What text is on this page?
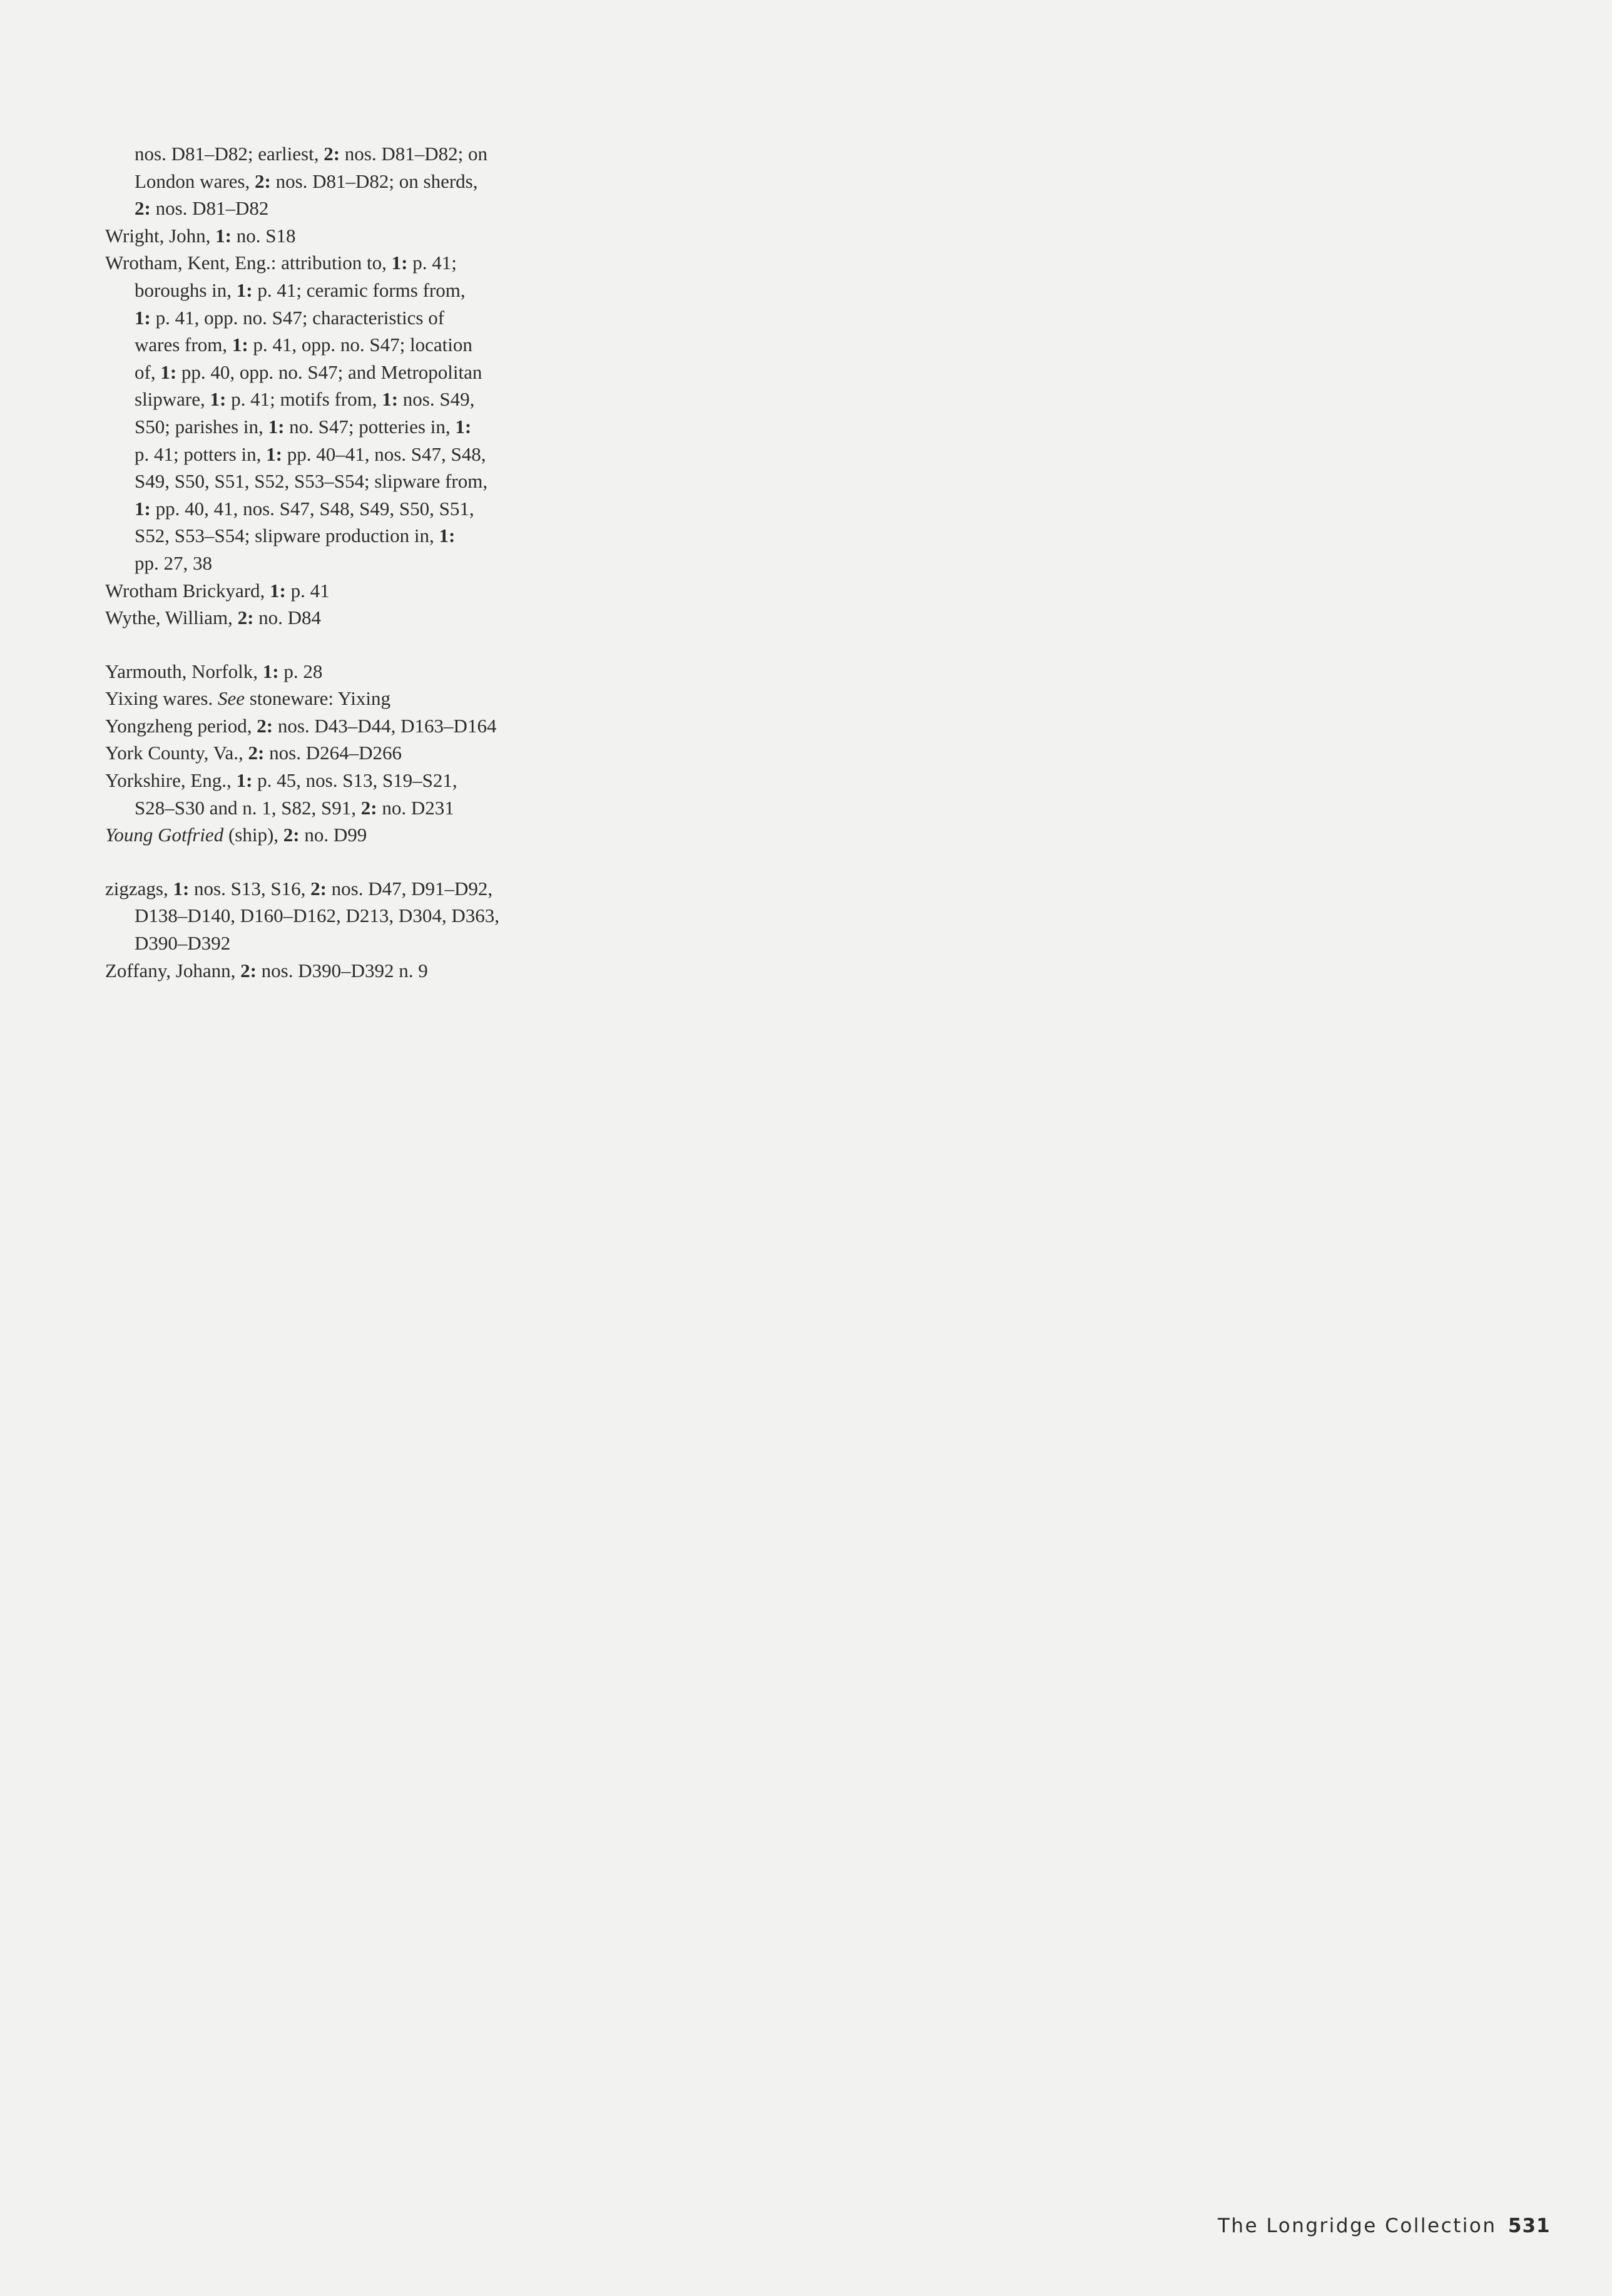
nos. D81–D82; earliest, 2: nos. D81–D82; on
London wares, 2: nos. D81–D82; on sherds,
2: nos. D81–D82
Wright, John, 1: no. S18
Wrotham, Kent, Eng.: attribution to, 1: p. 41;
boroughs in, 1: p. 41; ceramic forms from,
1: p. 41, opp. no. S47; characteristics of
wares from, 1: p. 41, opp. no. S47; location
of, 1: pp. 40, opp. no. S47; and Metropolitan
slipware, 1: p. 41; motifs from, 1: nos. S49,
S50; parishes in, 1: no. S47; potteries in, 1:
p. 41; potters in, 1: pp. 40–41, nos. S47, S48,
S49, S50, S51, S52, S53–S54; slipware from,
1: pp. 40, 41, nos. S47, S48, S49, S50, S51,
S52, S53–S54; slipware production in, 1:
pp. 27, 38
Wrotham Brickyard, 1: p. 41
Wythe, William, 2: no. D84
Yarmouth, Norfolk, 1: p. 28
Yixing wares. See stoneware: Yixing
Yongzheng period, 2: nos. D43–D44, D163–D164
York County, Va., 2: nos. D264–D266
Yorkshire, Eng., 1: p. 45, nos. S13, S19–S21,
S28–S30 and n. 1, S82, S91, 2: no. D231
Young Gotfried (ship), 2: no. D99
zigzags, 1: nos. S13, S16, 2: nos. D47, D91–D92,
D138–D140, D160–D162, D213, D304, D363,
D390–D392
Zoffany, Johann, 2: nos. D390–D392 n. 9
The Longridge Collection 531
